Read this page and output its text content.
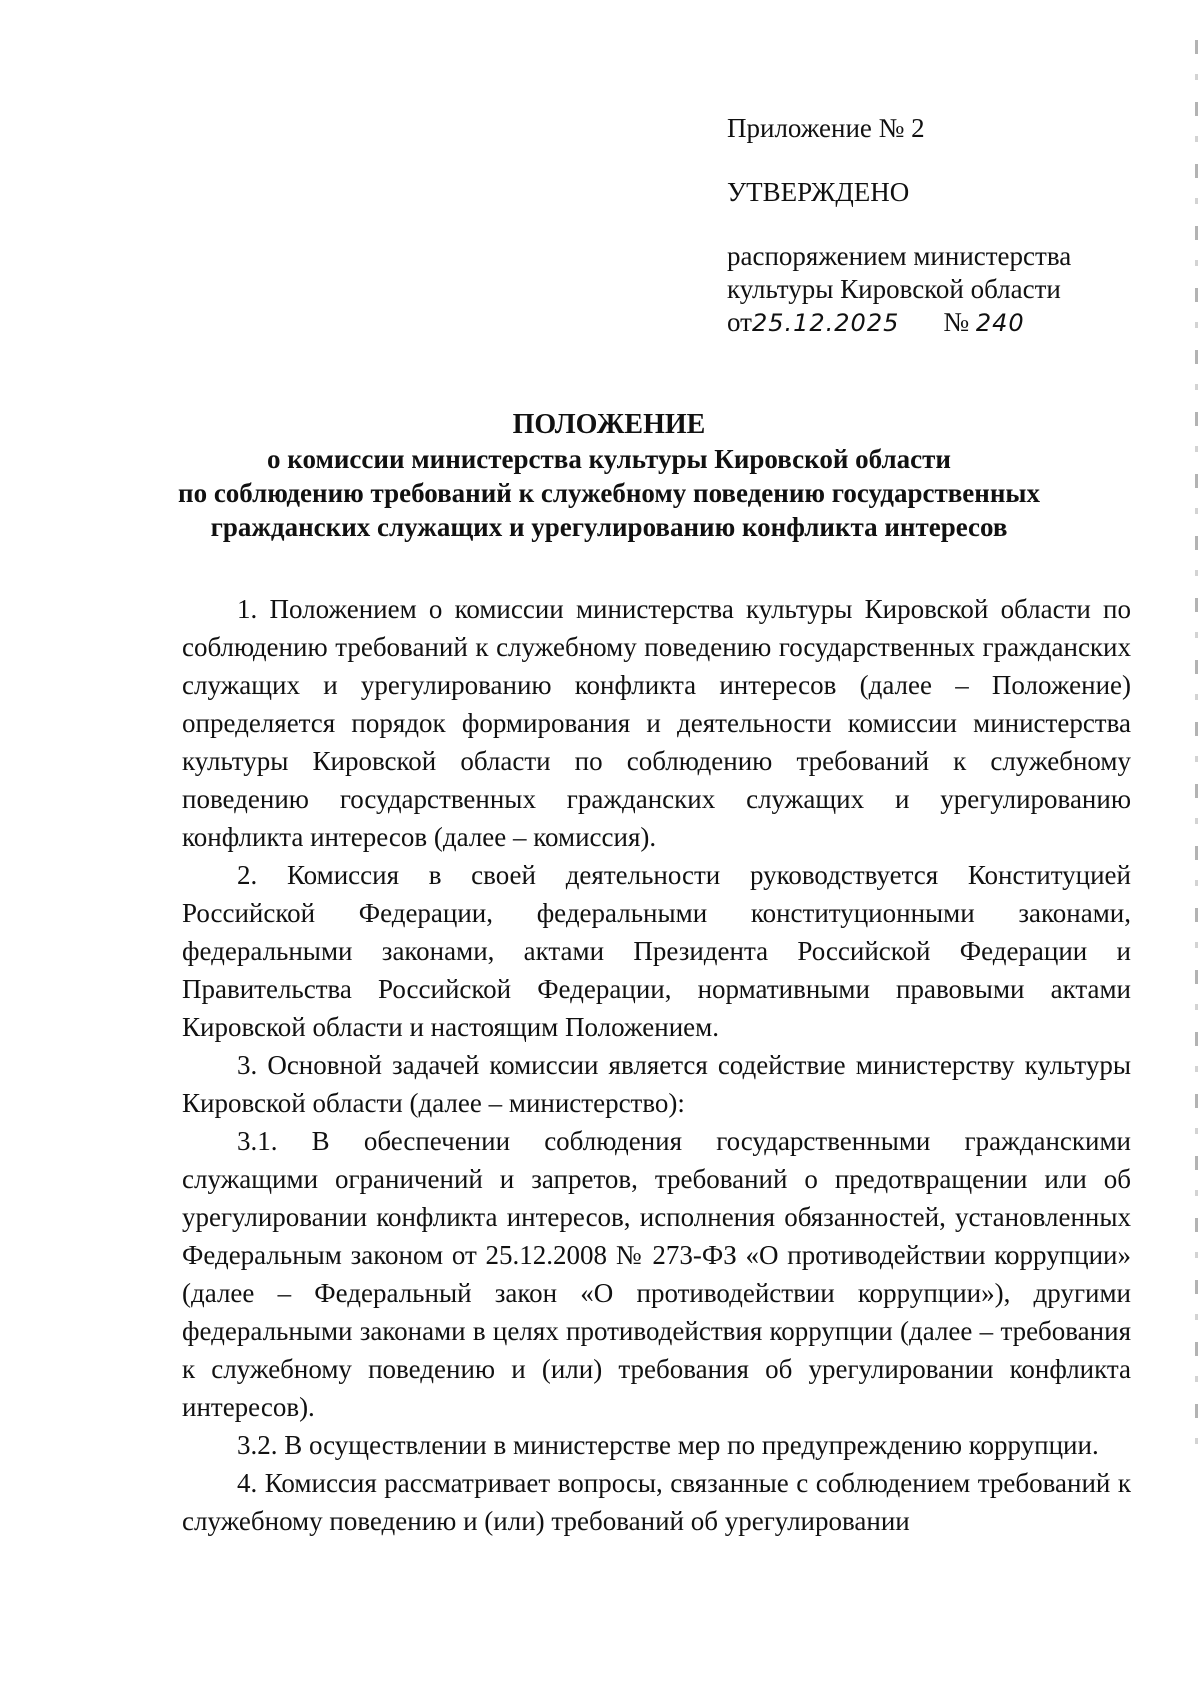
Приложение № 2
УТВЕРЖДЕНО
распоряжением министерства
культуры Кировской области
от25.12.2025 № 240
ПОЛОЖЕНИЕ
о комиссии министерства культуры Кировской области
по соблюдению требований к служебному поведению государственных
гражданских служащих и урегулированию конфликта интересов

1. Положением о комиссии министерства культуры Кировской области по соблюдению требований к служебному поведению государственных гражданских служащих и урегулированию конфликта интересов (далее – Положение) определяется порядок формирования и деятельности комиссии министерства культуры Кировской области по соблюдению требований к служебному поведению государственных гражданских служащих и урегулированию конфликта интересов (далее – комиссия).

2. Комиссия в своей деятельности руководствуется Конституцией Российской Федерации, федеральными конституционными законами, федеральными законами, актами Президента Российской Федерации и Правительства Российской Федерации, нормативными правовыми актами Кировской области и настоящим Положением.

3. Основной задачей комиссии является содействие министерству культуры Кировской области (далее – министерство):

3.1. В обеспечении соблюдения государственными гражданскими служащими ограничений и запретов, требований о предотвращении или об урегулировании конфликта интересов, исполнения обязанностей, установленных Федеральным законом от 25.12.2008 № 273-ФЗ «О противодействии коррупции» (далее – Федеральный закон «О противодействии коррупции»), другими федеральными законами в целях противодействия коррупции (далее – требования к служебному поведению и (или) требования об урегулировании конфликта интересов).

3.2. В осуществлении в министерстве мер по предупреждению коррупции.

4. Комиссия рассматривает вопросы, связанные с соблюдением требований к служебному поведению и (или) требований об урегулировании
